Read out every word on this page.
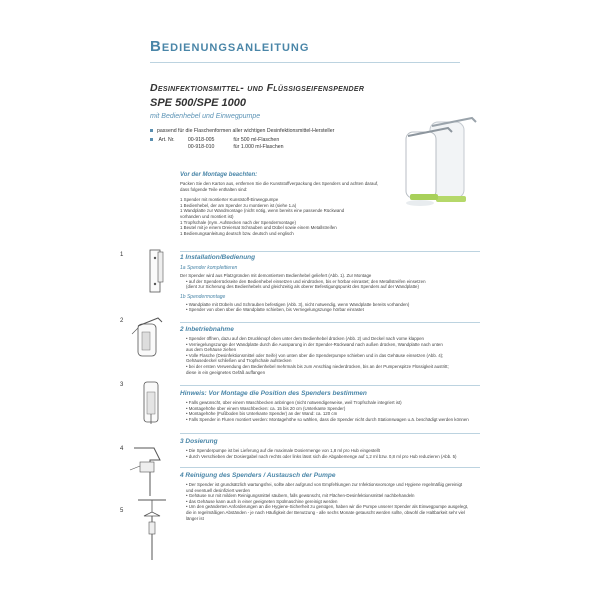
Bedienungsanleitung
Desinfektionsmittel- und Flüssigseifenspender
SPE 500/SPE 1000
mit Bedienhebel und Einwegpumpe
passend für die Flaschenformen aller wichtigen Desinfektionsmittel-Hersteller
Art. Nr.	00-918-005	für 500 ml-Flaschen
00-918-010	für 1.000 ml-Flaschen
Vor der Montage beachten:
Packen Sie den Karton aus, entfernen Sie die Kunststoffverpackung des Spenders und achten darauf,
dass folgende Teile enthalten sind:
1 Spender mit montierter Kunststoff-Einwegpumpe
1 Bedienhebel, der am Spender zu montieren ist (siehe 1.a)
1 Wandplatte zur Wandmontage (nicht nötig, wenn bereits eine passende Rückwand
vorhanden und montiert ist)
1 Tropfschale (nym. Aufstecken nach der Spendermontage)
1 Beutel mit je einem Dreiersat Schrauben und Dübel sowie einem Metallstreifen
1 Bedienungsanleitung deutsch bzw. deutsch und englisch
1	1 Installation/Bedienung
1a Spender komplettieren
Der Spender wird aus Platzgründen mit demontiertem Bedienhebel geliefert (Abb. 1). Zur Montage
• auf der Spenderrückseite den Bedienhebel einsetzen und eindrücken, bis er hörbar einrastet; den Metallstreifen einsetzen
(dient zur Sicherung des Bedienhebels und gleichzeitig als oberer Befestigungspunkt des Spenders auf der Wandplatte)
1b Spendermontage
• Wandplatte mit Dübeln und Schrauben befestigen (Abb. 3), nicht notwendig, wenn Wandplatte bereits vorhanden)
• Spender von oben über die Wandplatte schieben, bis Verriegelungszunge hörbar einrastet
2
2 Inbetriebnahme
• Spender öffnen, dazu auf den Druckknopf oben unter dem Bedienhebel drücken (Abb. 2) und Deckel nach vorne klappen
• Verriegelungszunge der Wandplatte durch die Aussparung in der Spender-Rückwand nach außen drücken, Wandplatte nach unten
aus dem Gehäuse ziehen
• Volle Flasche (Desinfektionsmittel oder Seife) von unten über die Spenderpumpe schieben und in das Gehäuse einsetzen (Abb. 4);
Gehäusedeckel schließen und Tropfschale aufstecken
• bei der ersten Verwendung den Bedienhebel mehrmals bis zum Anschlag niederdrücken, bis an der Pumpenspitze Flüssigkeit austritt;
diese in ein geeignetes Gefäß auffangen
3
Hinweis: Vor Montage die Position des Spenders bestimmen
• Falls gewünscht, über einem Waschbecken anbringen (nicht notwendigerweise, weil Tropfschale integriert ist)
• Montagehöhe über einem Waschbecken: ca. 15 bis 20 cm (Unterkante Spender)
• Montagehöhe (Fußboden bis Unterkante Spender) an der Wand: ca. 120 cm
• Falls Spender in Fluren montiert werden: Montagehöhe so wählen, dass die Spender nicht durch Stationswagen u.ä. beschädigt werden können
4
3 Dosierung
• Die Spenderpumpe ist bei Lieferung auf die maximale Dosiermenge von 1,8 ml pro Hub eingestellt
• durch Verschieben der Dosiergabel nach rechts oder links lässt sich die Abgabemenge auf 1,2 ml bzw. 0,8 ml pro Hub reduzieren (Abb. 5)
5
4 Reinigung des Spenders / Austausch der Pumpe
• Der Spender ist grundsätzlich wartungsfrei, sollte aber aufgrund von Empfehlungen zur Infektionsvorsorge und Hygiene regelmäßig gereinigt
und eventuell desinfiziert werden
• Gehäuse nur mit mildem Reinigungsmittel säubern, falls gewünscht, mit Flächen-Desinfektionsmittel nachbehandeln
• das Gehäuse kann auch in einer geeigneten Spülmaschine gereinigt werden
• Um den geänderten Anforderungen an die Hygiene-Sicherheit zu genügen, haben wir die Pumpe unserer Spender als Einwegpumpe ausgelegt,
die in regelmäßigen Abständen - je nach Häufigkeit der Benutzung - alle sechs Monate getauscht werden sollte, obwohl die Haltbarkeit sehr viel
länger ist
